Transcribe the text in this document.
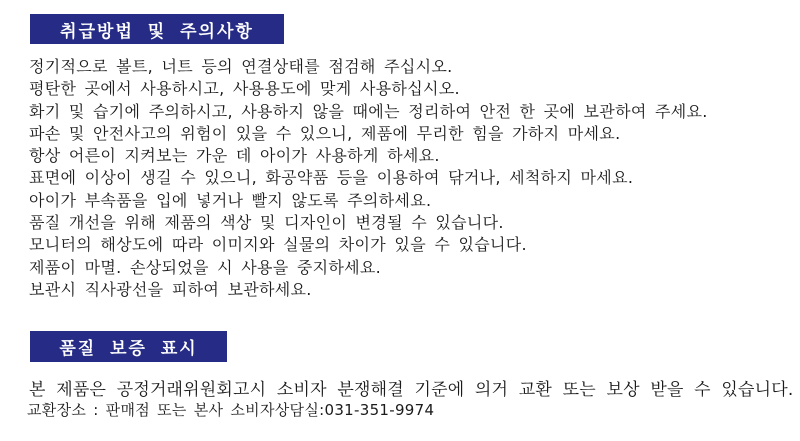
취급방법 및 주의사항
정기적으로 볼트, 너트 등의 연결상태를 점검해 주십시오.
평탄한 곳에서 사용하시고, 사용용도에 맞게 사용하십시오.
화기 및 습기에 주의하시고, 사용하지 않을 때에는 정리하여 안전 한 곳에 보관하여 주세요.
파손 및 안전사고의 위험이 있을 수 있으니, 제품에 무리한 힘을 가하지 마세요.
항상 어른이 지켜보는 가운 데 아이가 사용하게 하세요.
표면에 이상이 생길 수 있으니, 화공약품 등을 이용하여 닦거나, 세척하지 마세요.
아이가 부속품을 입에 넣거나 빨지 않도록 주의하세요.
품질 개선을 위해 제품의 색상 및 디자인이 변경될 수 있습니다.
모니터의 해상도에 따라 이미지와 실물의 차이가 있을 수 있습니다.
제품이 마멸. 손상되었을 시 사용을 중지하세요.
보관시 직사광선을 피하여 보관하세요.
품질 보증 표시
본 제품은 공정거래위원회고시 소비자 분쟁해결 기준에 의거 교환 또는 보상 받을 수 있습니다.
교환장소 : 판매점 또는 본사 소비자상담실:031-351-9974
